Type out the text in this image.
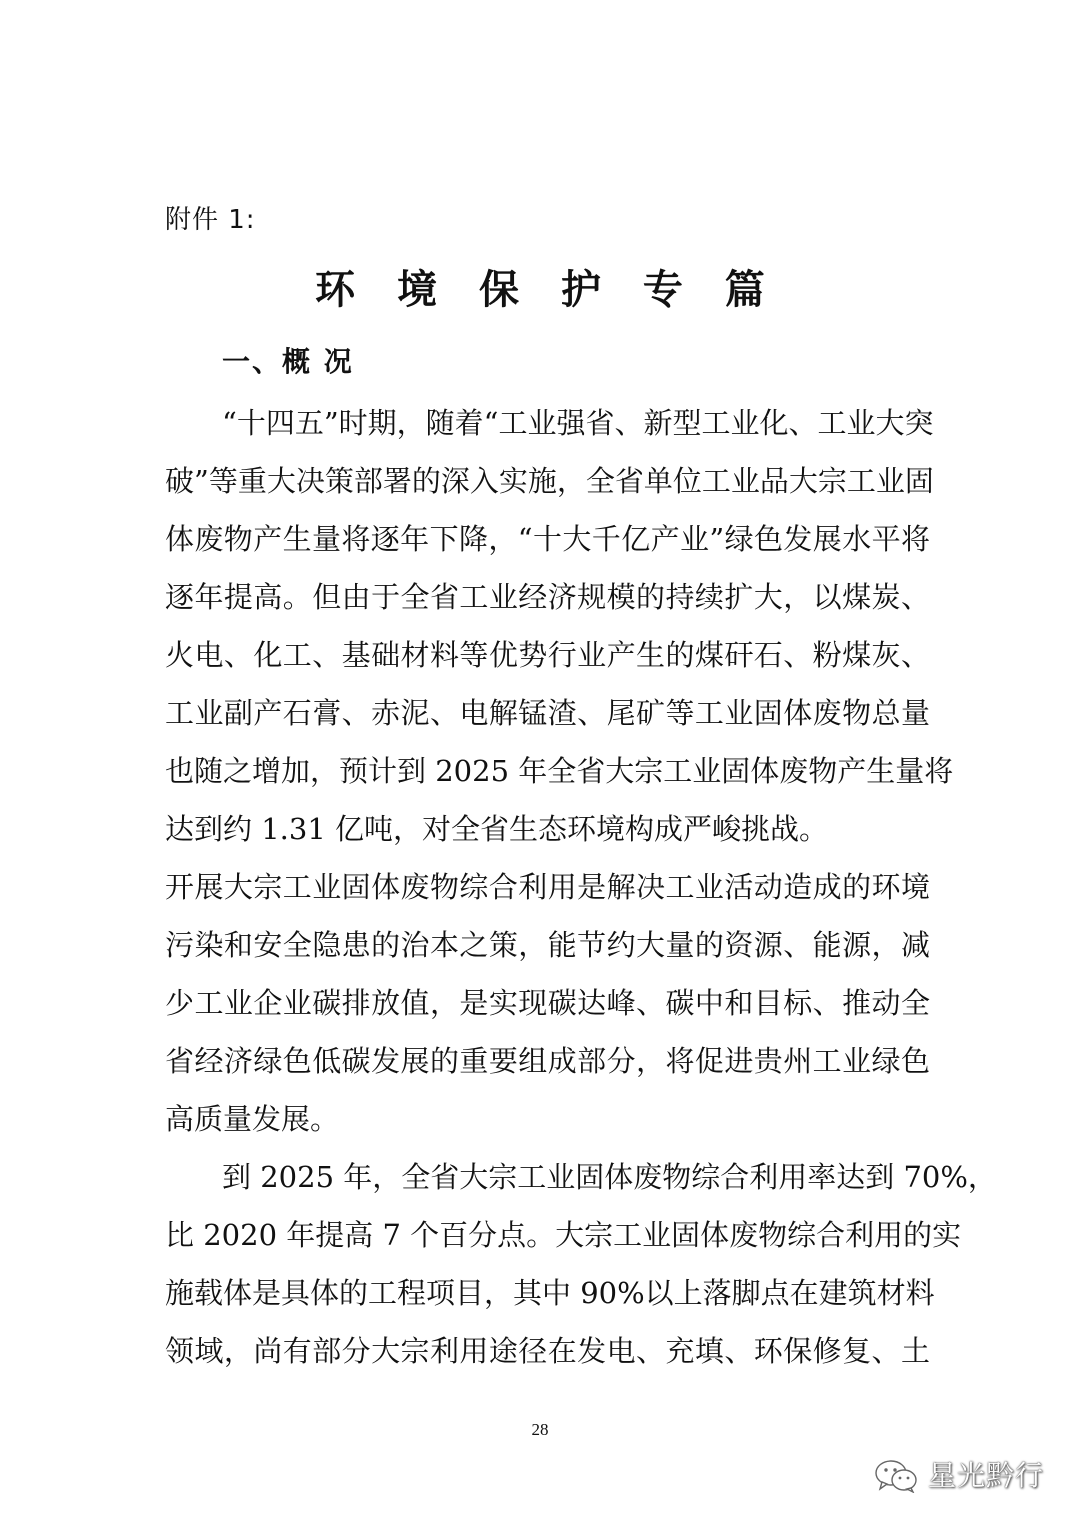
附件 1:
环 境 保 护 专 篇
一、概 况
“十四五”时期，随着“工业强省、新型工业化、工业大突
破”等重大决策部署的深入实施，全省单位工业品大宗工业固
体废物产生量将逐年下降，“十大千亿产业”绿色发展水平将
逐年提高。但由于全省工业经济规模的持续扩大，以煤炭、
火电、化工、基础材料等优势行业产生的煤矸石、粉煤灰、
工业副产石膏、赤泥、电解锰渣、尾矿等工业固体废物总量
也随之增加，预计到 2025 年全省大宗工业固体废物产生量将
达到约 1.31 亿吨，对全省生态环境构成严峻挑战。
开展大宗工业固体废物综合利用是解决工业活动造成的环境
污染和安全隐患的治本之策，能节约大量的资源、能源，减
少工业企业碳排放值，是实现碳达峰、碳中和目标、推动全
省经济绿色低碳发展的重要组成部分，将促进贵州工业绿色
高质量发展。
到 2025 年，全省大宗工业固体废物综合利用率达到 70%，
比 2020 年提高 7 个百分点。大宗工业固体废物综合利用的实
施载体是具体的工程项目，其中 90%以上落脚点在建筑材料
领域，尚有部分大宗利用途径在发电、充填、环保修复、土
28
星光黔行
